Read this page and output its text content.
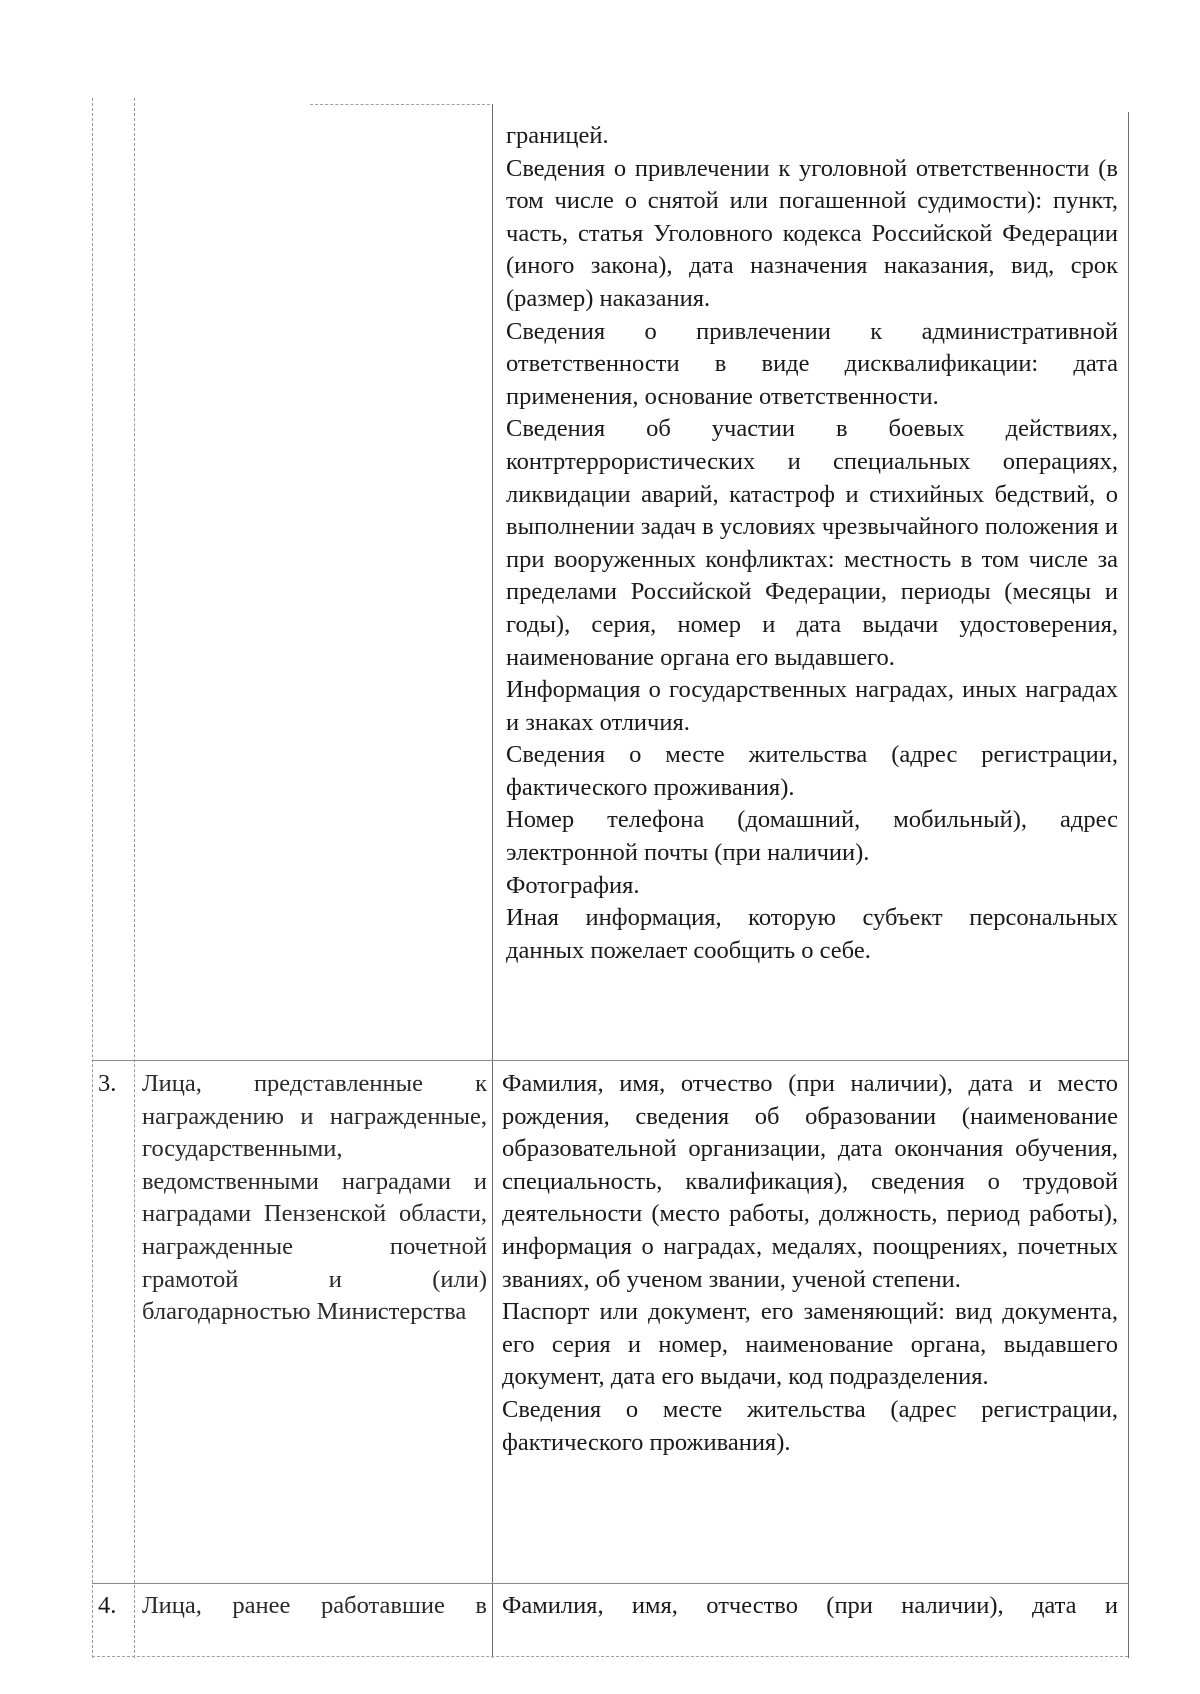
границей.

Сведения о привлечении к уголовной ответственности (в том числе о снятой или погашенной судимости): пункт, часть, статья Уголовного кодекса Российской Федерации (иного закона), дата назначения наказания, вид, срок (размер) наказания.

Сведения о привлечении к административной ответственности в виде дисквалификации: дата применения, основание ответственности.

Сведения об участии в боевых действиях, контртеррористических и специальных операциях, ликвидации аварий, катастроф и стихийных бедствий, о выполнении задач в условиях чрезвычайного положения и при вооруженных конфликтах: местность в том числе за пределами Российской Федерации, периоды (месяцы и годы), серия, номер и дата выдачи удостоверения, наименование органа его выдавшего.

Информация о государственных наградах, иных наградах и знаках отличия.

Сведения о месте жительства (адрес регистрации, фактического проживания).

Номер телефона (домашний, мобильный), адрес электронной почты (при наличии).

Фотография.

Иная информация, которую субъект персональных данных пожелает сообщить о себе.

3. Лица, представленные к награждению и награжденные, государственными, ведомственными наградами и наградами Пензенской области, награжденные почетной грамотой и (или) благодарностью Министерства

Фамилия, имя, отчество (при наличии), дата и место рождения, сведения об образовании (наименование образовательной организации, дата окончания обучения, специальность, квалификация), сведения о трудовой деятельности (место работы, должность, период работы), информация о наградах, медалях, поощрениях, почетных званиях, об ученом звании, ученой степени.

Паспорт или документ, его заменяющий: вид документа, его серия и номер, наименование органа, выдавшего документ, дата его выдачи, код подразделения.

Сведения о месте жительства (адрес регистрации, фактического проживания).

4. Лица, ранее работавшие в Фамилия, имя, отчество (при наличии), дата и
